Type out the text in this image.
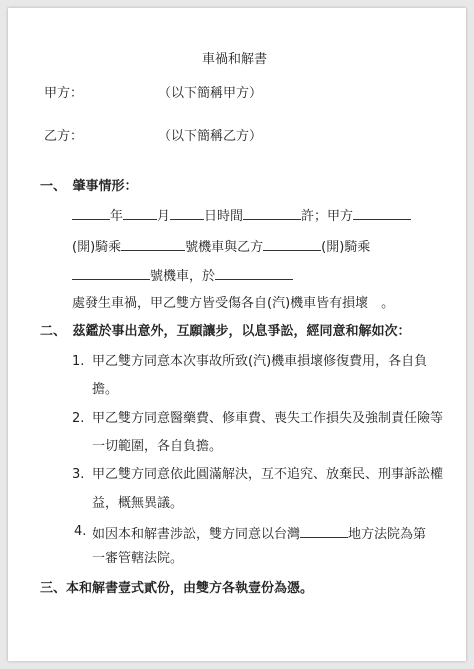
車禍和解書
甲方：	（以下簡稱甲方）
乙方：	（以下簡稱乙方）
一、　肇事情形：
年	月	日時間	許；甲方
(開)騎乘	號機車與乙方	(開)騎乘
號機車，於
處發生車禍，甲乙雙方皆受傷各自(汽)機車皆有損壞　。
二、　茲鑑於事出意外，互願讓步，以息爭訟，經同意和解如次：
1. 甲乙雙方同意本次事故所致(汽)機車損壞修復費用，各自負
擔。
2. 甲乙雙方同意醫藥費、修車費、喪失工作損失及強制責任險等
一切範圍，各自負擔。
3. 甲乙雙方同意依此圓滿解決，互不追究、放棄民、刑事訴訟權
益，概無異議。
4. 如因本和解書涉訟，雙方同意以台灣	地方法院為第
一審管轄法院。
三、本和解書壹式貳份，由雙方各執壹份為憑。
